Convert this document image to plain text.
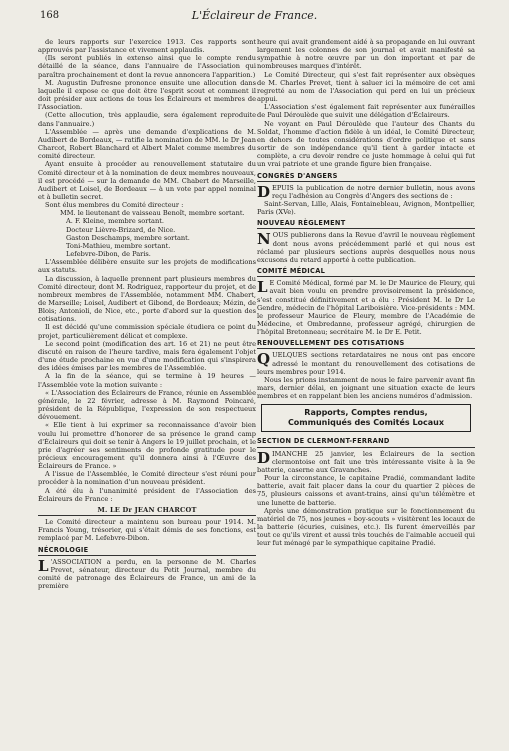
168	L'Éclaireur de France.

de leurs rapports sur l'exercice 1913. Ces rapports sont approuvés par l'assistance et vivement applaudis.

(Ils seront publiés in extenso ainsi que le compte rendu détaillé de la séance, dans l'annuaire de l'Association qui paraîtra prochainement et dont la revue annoncera l'apparition.)

M. Augustin Dufresne prononce ensuite une allocution dans laquelle il expose ce que doit être l'esprit scout et comment il doit présider aux actions de tous les Éclaireurs et membres de l'Association.

(Cette allocution, très applaudie, sera également reproduite dans l'annuaire.)

L'Assemblée — après une demande d'explications de M. Audibert de Bordeaux, — ratifie la nomination de MM. le Dr Jean Charcot, Robert Blanchard et Albert Malet comme membres du comité directeur.

Ayant ensuite à procéder au renouvellement statutaire du Comité directeur et à la nomination de deux membres nouveaux, il est procédé — sur la demande de MM. Chabert de Marseille, Audibert et Loisel, de Bordeaux — à un vote par appel nominal et à bulletin secret.

Sont élus membres du Comité directeur :

MM. le lieutenant de vaisseau Benoît, membre sortant.

A. F. Kleine, membre sortant.

Docteur Lièvre-Brizard, de Nice.

Gaston Deschamps, membre sortant.

Toni-Mathieu, membre sortant.

Lefebvre-Dibon, de Paris.

L'Assemblée délibère ensuite sur les projets de modifications aux statuts.

La discussion, à laquelle prennent part plusieurs membres du Comité directeur, dont M. Rodriguez, rapporteur du projet, et de nombreux membres de l'Assemblée, notamment MM. Chabert, de Marseille; Loisel, Audibert et Gibond, de Bordeaux; Mézin, de Blois; Antonioli, de Nice, etc., porte d'abord sur la question des cotisations.

Il est décidé qu'une commission spéciale étudiera ce point du projet, particulièrement délicat et complexe.

Le second point (modification des art. 16 et 21) ne peut être discuté en raison de l'heure tardive, mais fera également l'objet d'une étude prochaine en vue d'une modification qui s'inspirera des idées émises par les membres de l'Assemblée.

A la fin de la séance, qui se termine à 19 heures — l'Assemblée vote la motion suivante :

« L'Association des Éclaireurs de France, réunie en Assemblée générale, le 22 février, adresse à M. Raymond Poincaré, président de la République, l'expression de son respectueux dévouement.

« Elle tient à lui exprimer sa reconnaissance d'avoir bien voulu lui promettre d'honorer de sa présence le grand camp d'Éclaireurs qui doit se tenir à Angers le 19 juillet prochain, et le prie d'agréer ses sentiments de profonde gratitude pour le précieux encouragement qu'il donnera ainsi à l'Œuvre des Éclaireurs de France. »

A l'issue de l'Assemblée, le Comité directeur s'est réuni pour procéder à la nomination d'un nouveau président.

A été élu à l'unanimité président de l'Association des Éclaireurs de France :

M. LE Dr JEAN CHARCOT

Le Comité directeur a maintenu son bureau pour 1914. M. Francis Young, trésorier, qui s'était démis de ses fonctions, est remplacé par M. Lefebvre-Dibon.

NÉCROLOGIE

L 'ASSOCIATION a perdu, en la personne de M. Charles Prevet, sénateur, directeur du Petit Journal, membre du comité de patronage des Éclaireurs de France, un ami de la première

heure qui avait grandement aidé à sa propagande en lui ouvrant largement les colonnes de son journal et avait manifesté sa sympathie à notre œuvre par un don important et par de nombreuses marques d'intérêt.

Le Comité Directeur, qui s'est fait représenter aux obsèques de M. Charles Prevet, tient à saluer ici la mémoire de cet ami regretté au nom de l'Association qui perd en lui un précieux appui.

L'Association s'est également fait représenter aux funérailles de Paul Déroulède que suivit une délégation d'Éclaireurs.

Ne voyant en Paul Déroulède que l'auteur des Chants du Soldat, l'homme d'action fidèle à un idéal, le Comité Directeur, en dehors de toutes considérations d'ordre politique et sans sortir de son indépendance qu'il tient à garder intacte et complète, a cru devoir rendre ce juste hommage à celui qui fut un vrai patriote et une grande figure bien française.

CONGRÈS D'ANGERS

DEPUIS la publication de notre dernier bulletin, nous avons reçu l'adhésion au Congrès d'Angers des sections de :

Saint-Servan, Lille, Alais, Fontainebleau, Avignon, Montpellier, Paris (XVe).

NOUVEAU RÈGLEMENT

NOUS publierons dans la Revue d'avril le nouveau règlement dont nous avons précédemment parlé et qui nous est réclamé par plusieurs sections auprès desquelles nous nous excusons du retard apporté à cette publication.

COMITÉ MÉDICAL

L E Comité Médical, formé par M. le Dr Maurice de Fleury, qui avait bien voulu en prendre provisoirement la présidence, s'est constitué définitivement et a élu : Président M. le Dr Le Gendre, médecin de l'hôpital Lariboisière. Vice-présidents : MM. le professeur Maurice de Fleury, membre de l'Académie de Médecine, et Ombredanne, professeur agrégé, chirurgien de l'hôpital Bretonneau; secrétaire M. le Dr E. Petit.

RENOUVELLEMENT DES COTISATIONS

QUELQUES sections retardataires ne nous ont pas encore adressé le montant du renouvellement des cotisations de leurs membres pour 1914.

Nous les prions instamment de nous le faire parvenir avant fin mars, dernier délai, en joignant une situation exacte de leurs membres et en rappelant bien les anciens numéros d'admission.

Rapports, Comptes rendus,
Communiqués des Comités Locaux
SECTION DE CLERMONT-FERRAND

DIMANCHE 25 janvier, les Éclaireurs de la section clermontoise ont fait une très intéressante visite à la 9e batterie, caserne aux Gravanches.

Pour la circonstance, le capitaine Pradié, commandant ladite batterie, avait fait placer dans la cour du quartier 2 pièces de 75, plusieurs caissons et avant-trains, ainsi qu'un télémètre et une lunette de batterie.

Après une démonstration pratique sur le fonctionnement du matériel de 75, nos jeunes « boy-scouts » visitèrent les locaux de la batterie (écuries, cuisines, etc.). Ils furent émerveillés par tout ce qu'ils virent et aussi très touchés de l'aimable accueil qui leur fut ménagé par le sympathique capitaine Pradié.
